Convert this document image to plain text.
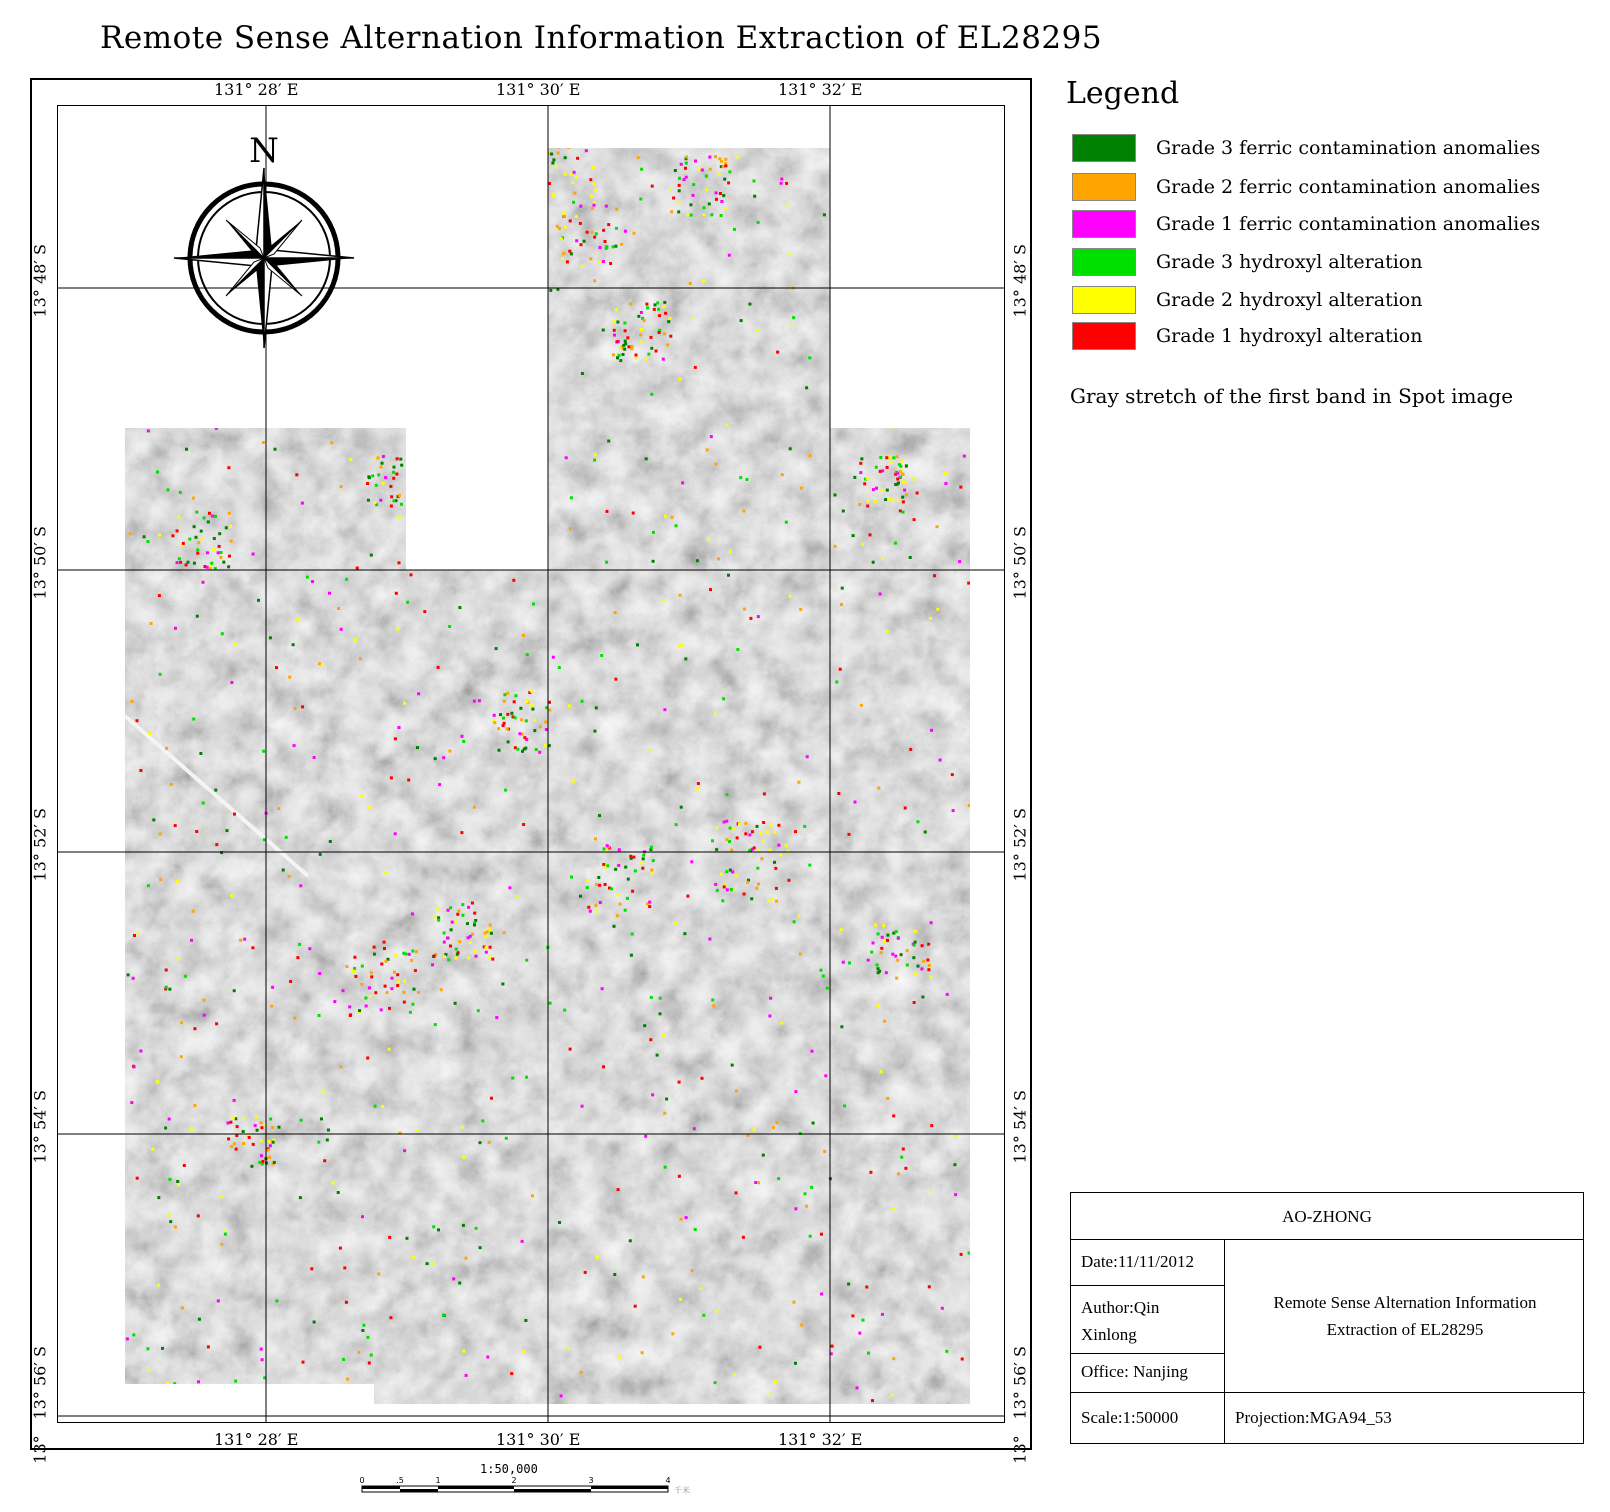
Remote Sense Alternation Information Extraction of EL28295
N
0	.5	1	2	3	4
千米
131° 28′ E	131° 30′ E	131° 32′ E
131° 28′ E	131° 30′ E	131° 32′ E
13° 48′ S
13° 50′ S
13° 52′ S
13° 54′ S
13° 56′ S
13°
13° 48′ S
13° 50′ S
13° 52′ S
13° 54′ S
13° 56′ S
13°
1:50,000
Legend
Grade 3 ferric contamination anomalies
Grade 2 ferric contamination anomalies
Grade 1 ferric contamination anomalies
Grade 3 hydroxyl alteration
Grade 2 hydroxyl alteration
Grade 1 hydroxyl alteration
Gray stretch of the first band in Spot image
AO-ZHONG
Date:11/11/2012
Author:Qin Xinlong
Office: Nanjing
Remote Sense Alternation Information Extraction of EL28295
Scale:1:50000	Projection:MGA94_53
